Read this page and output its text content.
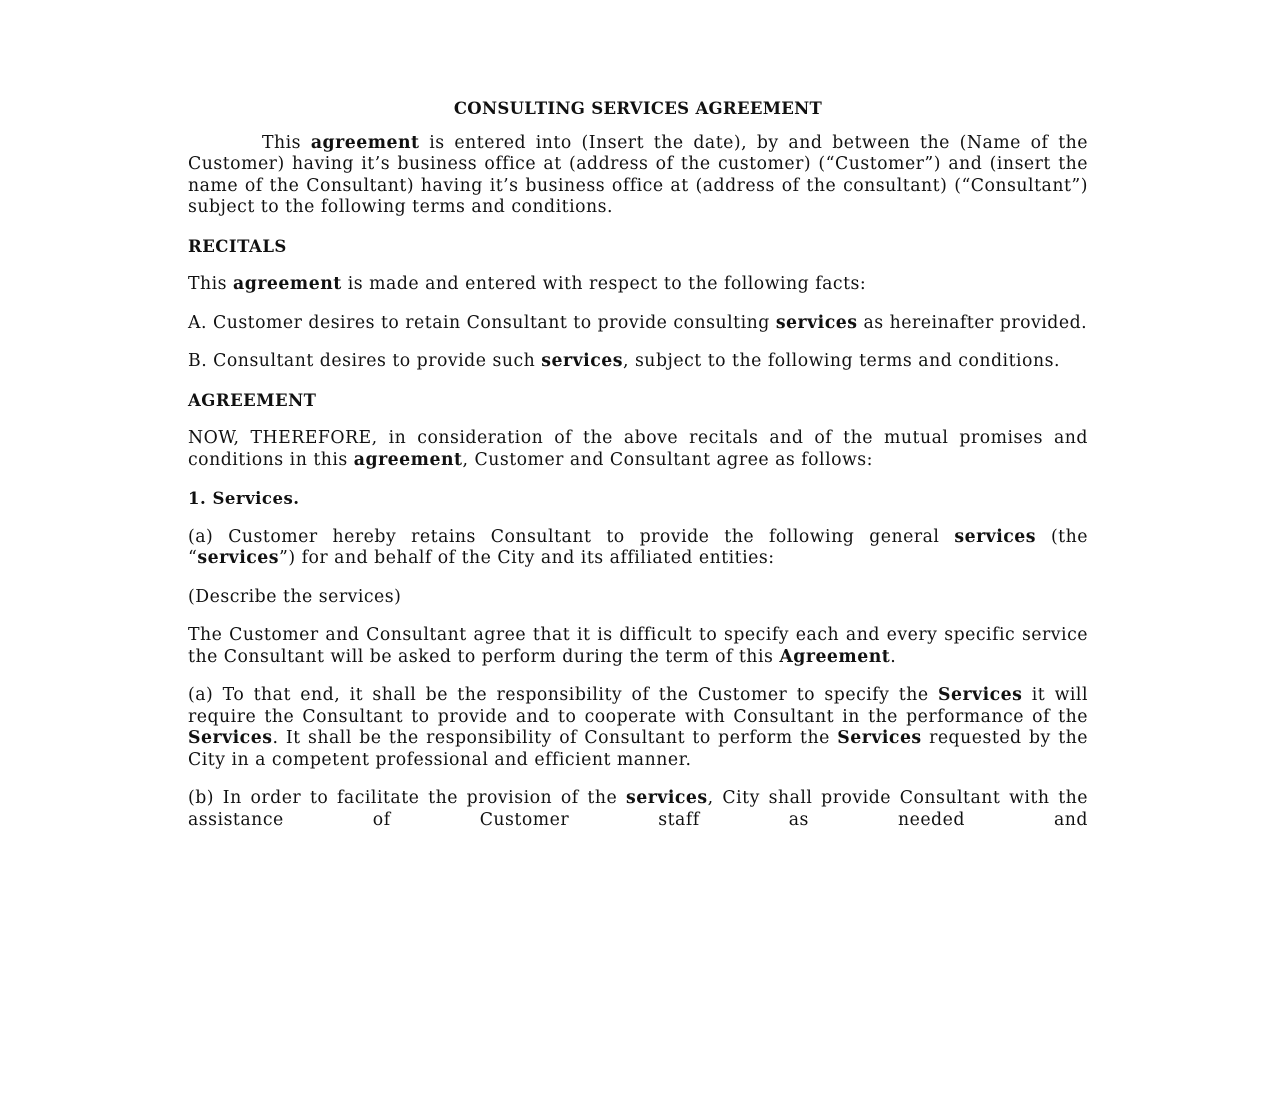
CONSULTING SERVICES AGREEMENT

This agreement is entered into (Insert the date), by and between the (Name of the Customer) having it’s business office at (address of the customer) (“Customer”) and (insert the name of the Consultant) having it’s business office at (address of the consultant) (“Consultant”) subject to the following terms and conditions.

RECITALS

This agreement is made and entered with respect to the following facts:

A. Customer desires to retain Consultant to provide consulting services as hereinafter provided.

B. Consultant desires to provide such services, subject to the following terms and conditions.

AGREEMENT

NOW, THEREFORE, in consideration of the above recitals and of the mutual promises and conditions in this agreement, Customer and Consultant agree as follows:

1. Services.

(a) Customer hereby retains Consultant to provide the following general services (the “services”) for and behalf of the City and its affiliated entities:

(Describe the services)

The Customer and Consultant agree that it is difficult to specify each and every specific service the Consultant will be asked to perform during the term of this Agreement.

(a) To that end, it shall be the responsibility of the Customer to specify the Services it will require the Consultant to provide and to cooperate with Consultant in the performance of the Services. It shall be the responsibility of Consultant to perform the Services requested by the City in a competent professional and efficient manner.

(b) In order to facilitate the provision of the services, City shall provide Consultant with the assistance of Customer staff as needed and
